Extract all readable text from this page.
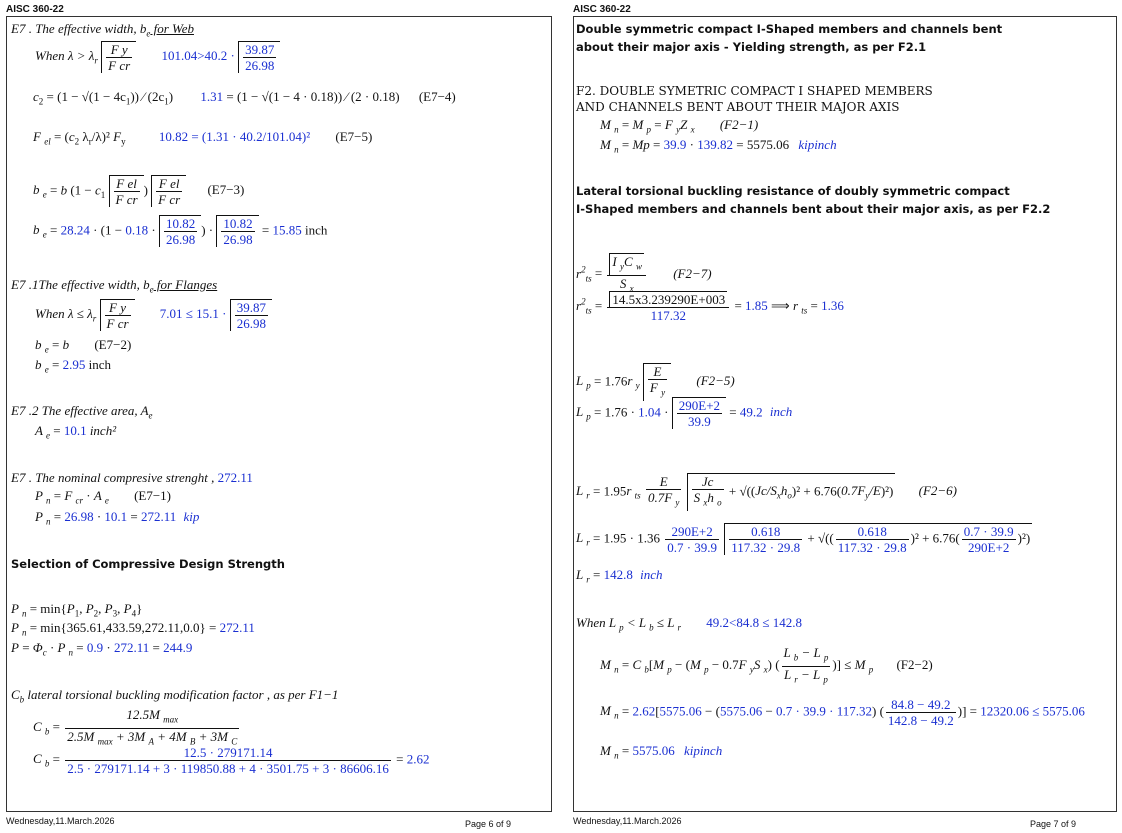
AISC 360-22
E7 . The effective width, $b_e$ for Web
When $\lambda > \lambda_r \frac{\text{F y}}{\text{F cr}} 101.04>40.2 \cdot \frac{39.87}{26.98}$
$c_2 = (1 - √(1 - 4c_1))$ ⁄ $(2c_1) 1.31 = (1 - √(1 - 4 \cdot 0.18))$ ⁄ (2 · 0.18) (E7−4)
F $_{el} = (c_2$ $\lambda_r/\lambda)^2$ $F_y$	10.82 = (1.31 · 40.2/101.04)² (E7−5)
b $_e$ = b ($1 - c_1 \frac{\text{F el}}{\text{F cr}}$ ) $\frac{\text{F el}}{\text{F cr}} (E7-3)$
b $_e = 28.24 \cdot (1 - 0.18 \cdot \frac{10.82}{26.98}$ ) · $\frac{10.82}{26.98} = 15.85$ inch
E7 .1The effective width, $b_e$ for Flanges
When $\lambda \le \lambda_r \frac{\text{F y}}{\text{F cr}} 7.01 \le 15.1 \cdot \frac{39.87}{26.98}$
b $_e$ = b (E7−2)
b $_e$ = 2.95 inch
E7 .2 The effective area, $A_e$
A $_e$ = 10.1 inch²
E7 . The nominal compresive strenght , 272.11
P $_n$ = F $_{cr}$ · A $_e$ (E7−1)
P $_n$ = 26.98 · 10.1 = 272.11 kip
Selection of Compressive Design Strength
P $_n = \min\{P_1$, $P_2$, $P_3$, $P_4$}
P $_n$ = min{365.61,433.59,272.11,0.0} = 272.11
$P = \Phi_c \cdot P$ $_n$ = 0.9 · 272.11 = 244.9
$C_b$ lateral torsional buckling modification factor , as per F1−1
C $_b$ =
12.5M $_{max}$
2.5M $_{max}$ + 3M $_A$ + 4M $_B$ + 3M $_C$
C $_b = \frac{12.5 \cdot 279171.14}{2.5 \cdot 279171.14 + 3 \cdot 119850.88 + 4 \cdot 3501.75 + 3 \cdot 86606.16} = 2.62$
Wednesday,11.March.2026	Page 6 of 9
AISC 360-22
Double symmetric compact I-Shaped members and channels bent
about their major axis - Yielding strength, as per F2.1
F2. DOUBLE SYMETRIC COMPACT I SHAPED MEMBERS
AND CHANNELS BENT ABOUT THEIR MAJOR AXIS
M $_n$ = M $_p$ = F $_y$Z $_x$ (F2−1)
M $_n$ = Mp = 39.9 · 139.82 = 5575.06 kipinch
Lateral torsional buckling resistance of doubly symmetric compact
I-Shaped members and channels bent about their major axis, as per F2.2
$r^2_{ts} = \frac{I _yC _w}{S _x} (F2-7)$
$r^2_{ts} = \frac{14.5x3.239290E+003}{117.32} = 1.85$ ⟹ r $_{ts}$ = 1.36
L $_p$ = 1.76r $_y \frac{E}{F _y} (F2-5)$
L $_p = 1.76 \cdot 1.04 \cdot \frac{290E+2}{39.9} = 49.2$ inch
L $_r$ = 1.95r $_{ts} \frac{E}{0.7F _y}$
$\frac{Jc}{S _xh _o} + √((Jc/S_xh_o)^2 + 6.76(0.7F_y/E)^2)$ (F2−6)
L $_r = 1.95 \cdot 1.36 \frac{290E+2}{0.7 \cdot 39.9}$
$\frac{0.618}{117.32 \cdot 29.8}$ + √(( $\frac{0.618}{117.32 \cdot 29.8} )^2 + 6.76( \frac{0.7 \cdot 39.9}{290E+2} )^2$)
L $_r$ = 142.8 inch
When L $_p$ < L $_b$ ≤ L $_r$ 49.2<84.8 ≤ 142.8
M $_n$ = C $_b$[M $_p$ − (M $_p$ − 0.7F $_y$S $_x$) ( $\frac{L _b - L _p}{L _r - L _p}$ )] ≤ M $_p$ (F2−2)
M $_n$ = 2.62[5575.06 − (5575.06 − 0.7 · 39.9 · 117.32) ( $\frac{84.8 - 49.2}{142.8 - 49.2}$ )] = 12320.06 ≤ 5575.06
M $_n$ = 5575.06 kipinch
Wednesday,11.March.2026	Page 7 of 9
